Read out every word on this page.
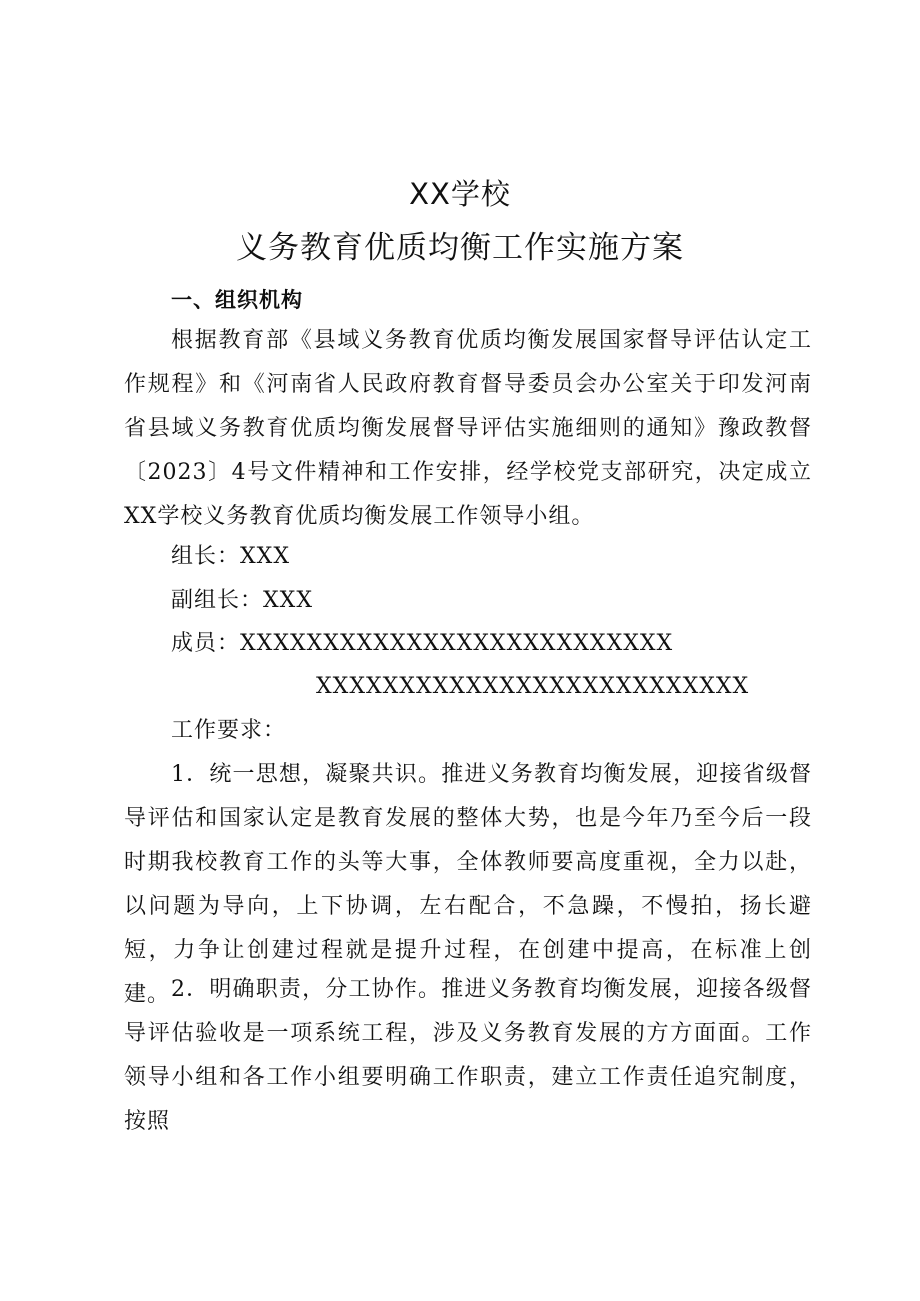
XX学校
义务教育优质均衡工作实施方案
一、组织机构
根据教育部《县域义务教育优质均衡发展国家督导评估认定工作规程》和《河南省人民政府教育督导委员会办公室关于印发河南省县域义务教育优质均衡发展督导评估实施细则的通知》豫政教督〔2023〕4号文件精神和工作安排，经学校党支部研究，决定成立XX学校义务教育优质均衡发展工作领导小组。
组长：XXX
副组长：XXX
成员：XXXXXXXXXXXXXXXXXXXXXXXXXX
XXXXXXXXXXXXXXXXXXXXXXXXXX
工作要求：
1．统一思想，凝聚共识。推进义务教育均衡发展，迎接省级督导评估和国家认定是教育发展的整体大势，也是今年乃至今后一段时期我校教育工作的头等大事，全体教师要高度重视，全力以赴，以问题为导向，上下协调，左右配合，不急躁，不慢拍，扬长避短，力争让创建过程就是提升过程，在创建中提高，在标准上创建。 2．明确职责，分工协作。推进义务教育均衡发展，迎接各级督导评估验收是一项系统工程，涉及义务教育发展的方方面面。工作领导小组和各工作小组要明确工作职责，建立工作责任追究制度，按照
